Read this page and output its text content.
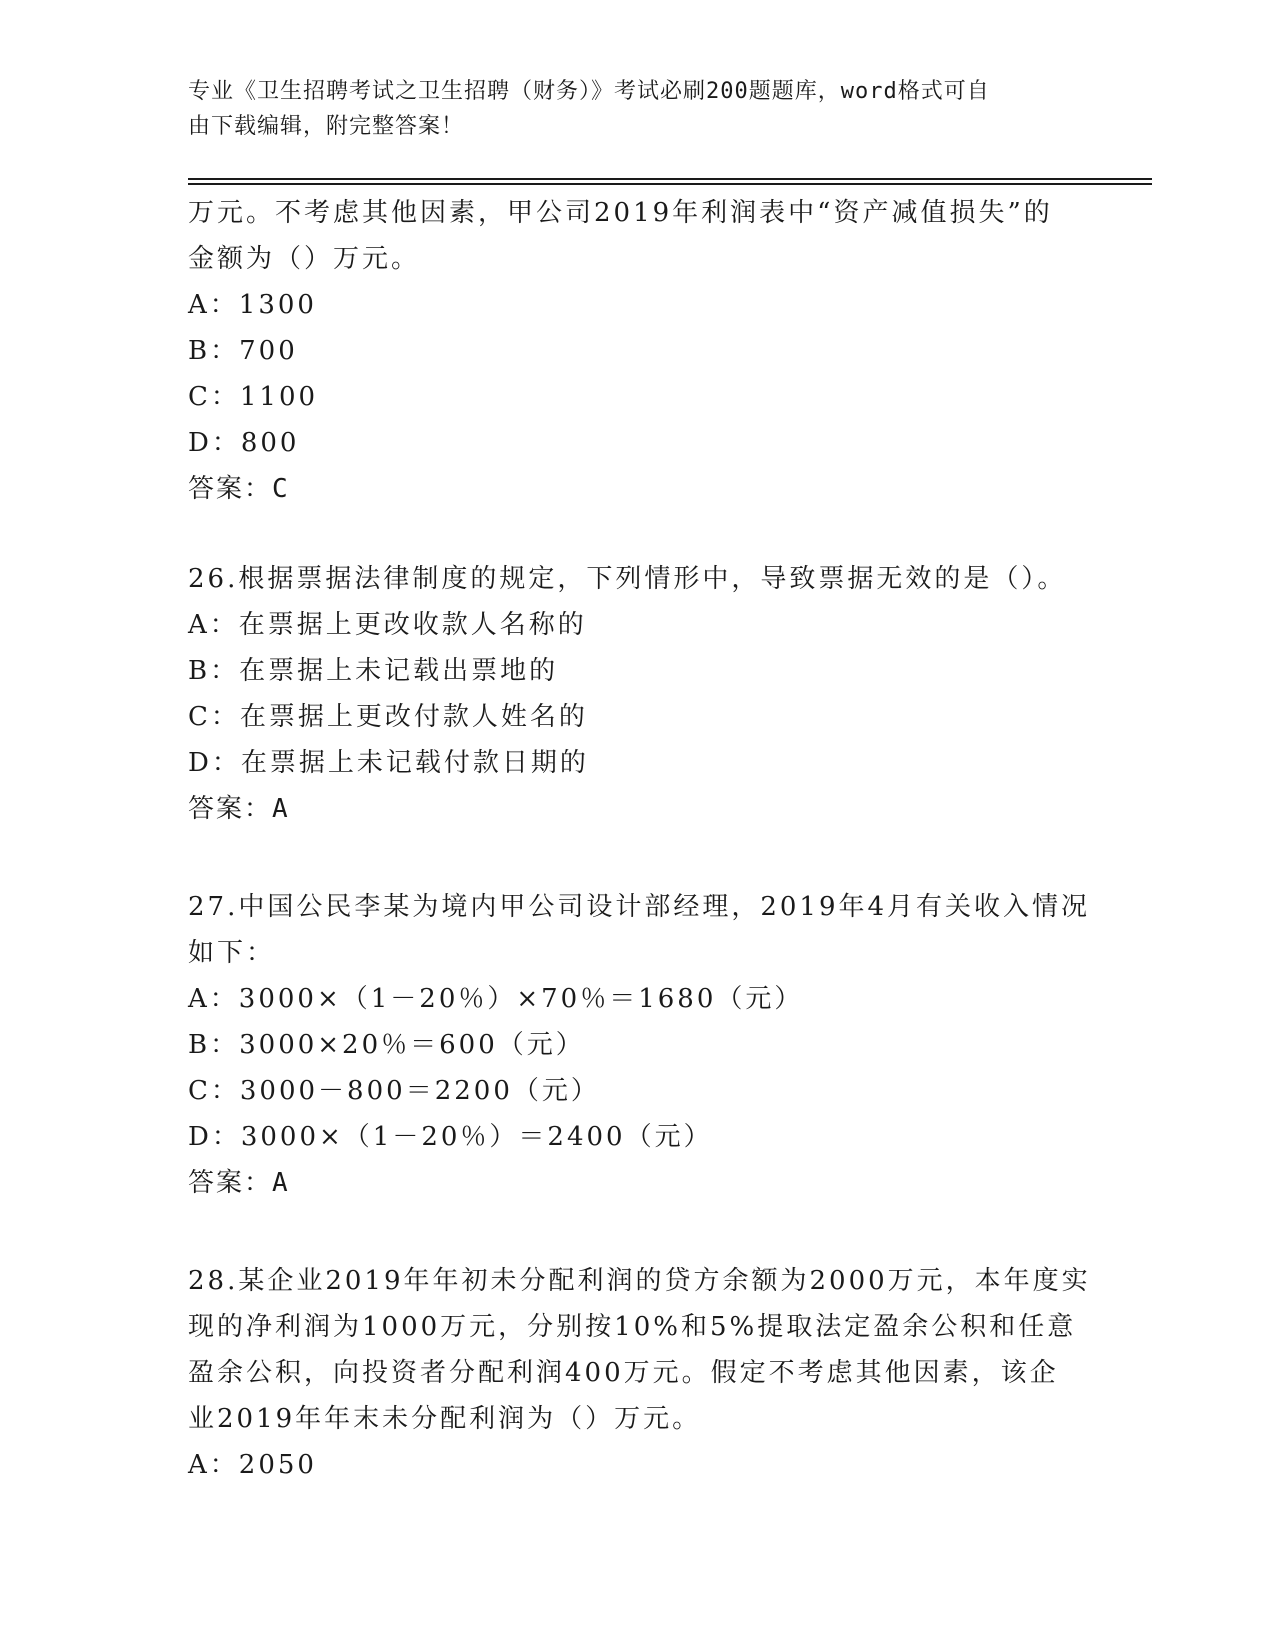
专业《卫生招聘考试之卫生招聘（财务）》考试必刷200题题库，word格式可自
由下载编辑，附完整答案！
万元。不考虑其他因素，甲公司2019年利润表中“资产减值损失”的
金额为（）万元。
A：1300
B：700
C：1100
D：800
答案：C
26.根据票据法律制度的规定，下列情形中，导致票据无效的是（）。
A：在票据上更改收款人名称的
B：在票据上未记载出票地的
C：在票据上更改付款人姓名的
D：在票据上未记载付款日期的
答案：A
27.中国公民李某为境内甲公司设计部经理，2019年4月有关收入情况
如下：
A：3000×（1－20％）×70％＝1680（元）
B：3000×20％＝600（元）
C：3000－800＝2200（元）
D：3000×（1－20％）＝2400（元）
答案：A
28.某企业2019年年初未分配利润的贷方余额为2000万元，本年度实
现的净利润为1000万元，分别按10%和5%提取法定盈余公积和任意
盈余公积，向投资者分配利润400万元。假定不考虑其他因素，该企
业2019年年末未分配利润为（）万元。
A：2050
